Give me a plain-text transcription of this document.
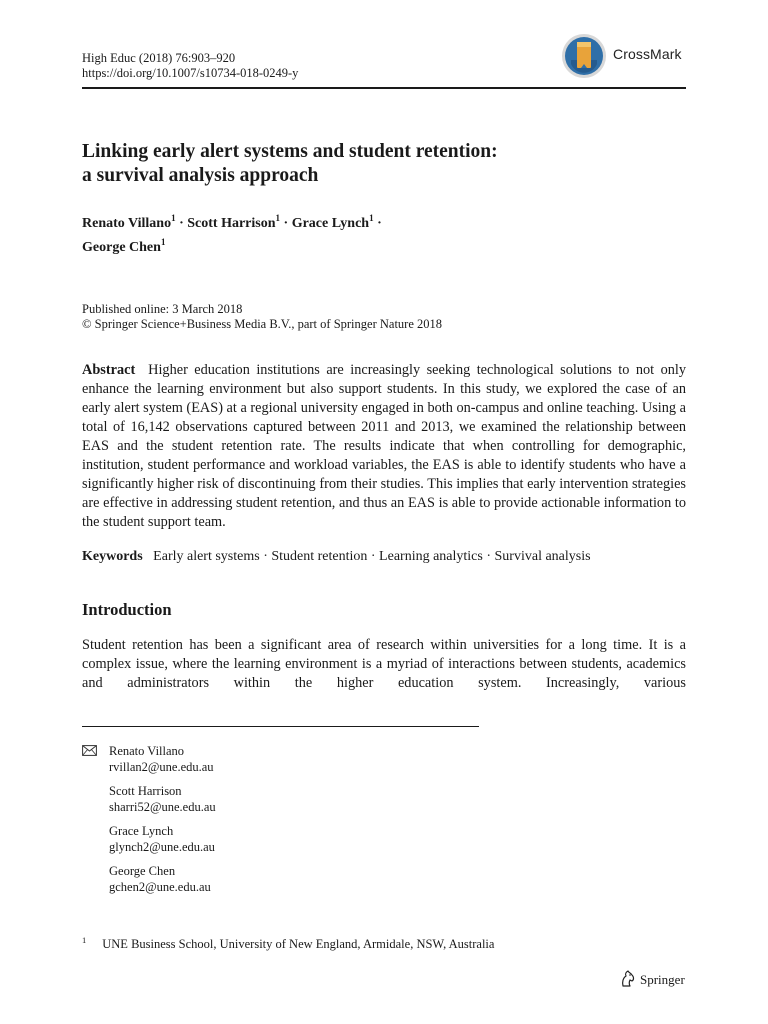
High Educ (2018) 76:903–920
https://doi.org/10.1007/s10734-018-0249-y
CrossMark
Linking early alert systems and student retention:
a survival analysis approach
Renato Villano$^1$ · Scott Harrison$^1$ · Grace Lynch$^1$ ·
George Chen$^1$
Published online: 3 March 2018
© Springer Science+Business Media B.V., part of Springer Nature 2018
Abstract Higher education institutions are increasingly seeking technological solutions to not only enhance the learning environment but also support students. In this study, we explored the case of an early alert system (EAS) at a regional university engaged in both on-campus and online teaching. Using a total of 16,142 observations captured between 2011 and 2013, we examined the relationship between EAS and the student retention rate. The results indicate that when controlling for demographic, institution, student performance and workload variables, the EAS is able to identify students who have a significantly higher risk of discontinuing from their studies. This implies that early intervention strategies are effective in addressing student retention, and thus an EAS is able to provide actionable information to the student support team.
Keywords Early alert systems · Student retention · Learning analytics · Survival analysis
Introduction
Student retention has been a significant area of research within universities for a long time. It is a complex issue, where the learning environment is a myriad of interactions between students, academics and administrators within the higher education system. Increasingly, various
Renato Villano
rvillan2@une.edu.au
Scott Harrison
sharri52@une.edu.au
Grace Lynch
glynch2@une.edu.au
George Chen
gchen2@une.edu.au
$^1$ UNE Business School, University of New England, Armidale, NSW, Australia
Springer
